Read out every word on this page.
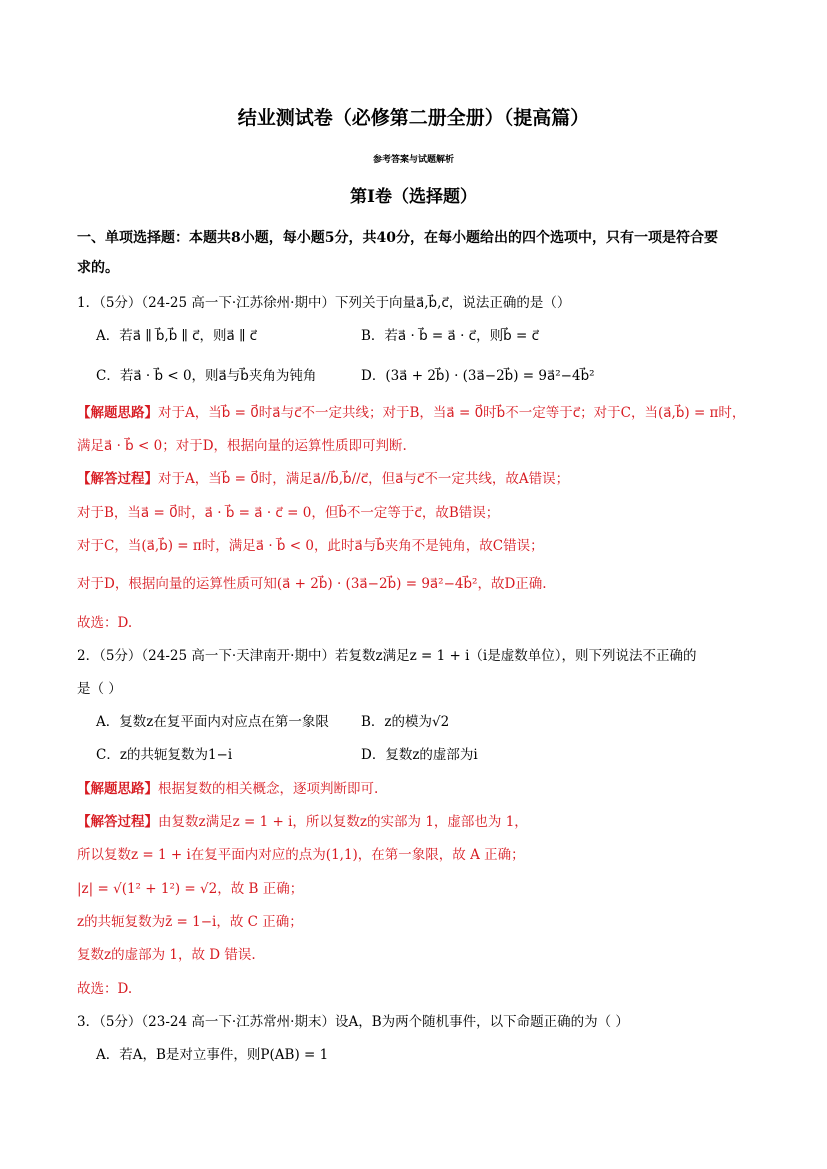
结业测试卷（必修第二册全册）（提高篇）
参考答案与试题解析
第Ⅰ卷（选择题）
一、单项选择题：本题共8小题，每小题5分，共40分，在每小题给出的四个选项中，只有一项是符合要
求的。
1．（5分）（24-25 高一下·江苏徐州·期中）下列关于向量a⃗,b⃗,c⃗，说法正确的是（）
A．若a⃗ ∥ b⃗,b⃗ ∥ c⃗，则a⃗ ∥ c⃗	B．若a⃗ · b⃗ = a⃗ · c⃗，则b⃗ = c⃗
C．若a⃗ · b⃗ < 0，则a⃗与b⃗夹角为钝角	D．(3a⃗ + 2b⃗) · (3a⃗−2b⃗) = 9a⃗²−4b⃗²
【解题思路】对于A，当b⃗ = 0⃗时a⃗与c⃗不一定共线；对于B，当a⃗ = 0⃗时b⃗不一定等于c⃗；对于C，当(a⃗,b⃗) = π时，
满足a⃗ · b⃗ < 0；对于D，根据向量的运算性质即可判断.
【解答过程】对于A，当b⃗ = 0⃗时，满足a⃗//b⃗,b⃗//c⃗，但a⃗与c⃗不一定共线，故A错误；
对于B，当a⃗ = 0⃗时，a⃗ · b⃗ = a⃗ · c⃗ = 0，但b⃗不一定等于c⃗，故B错误；
对于C，当(a⃗,b⃗) = π时，满足a⃗ · b⃗ < 0，此时a⃗与b⃗夹角不是钝角，故C错误；
对于D，根据向量的运算性质可知(a⃗ + 2b⃗) · (3a⃗−2b⃗) = 9a⃗²−4b⃗²，故D正确.
故选：D.
2．（5分）（24-25 高一下·天津南开·期中）若复数z满足z = 1 + i（i是虚数单位），则下列说法不正确的
是（ ）
A．复数z在复平面内对应点在第一象限 B．z的模为√2
C．z的共轭复数为1−i	D．复数z的虚部为i
【解题思路】根据复数的相关概念，逐项判断即可.
【解答过程】由复数z满足z = 1 + i，所以复数z的实部为 1，虚部也为 1，
所以复数z = 1 + i在复平面内对应的点为(1,1)，在第一象限，故 A 正确；
|z| = √(1² + 1²) = √2，故 B 正确；
z的共轭复数为z̄ = 1−i，故 C 正确；
复数z的虚部为 1，故 D 错误.
故选：D.
3．（5分）（23-24 高一下·江苏常州·期末）设A，B为两个随机事件，以下命题正确的为（ ）
A．若A，B是对立事件，则P(AB) = 1
